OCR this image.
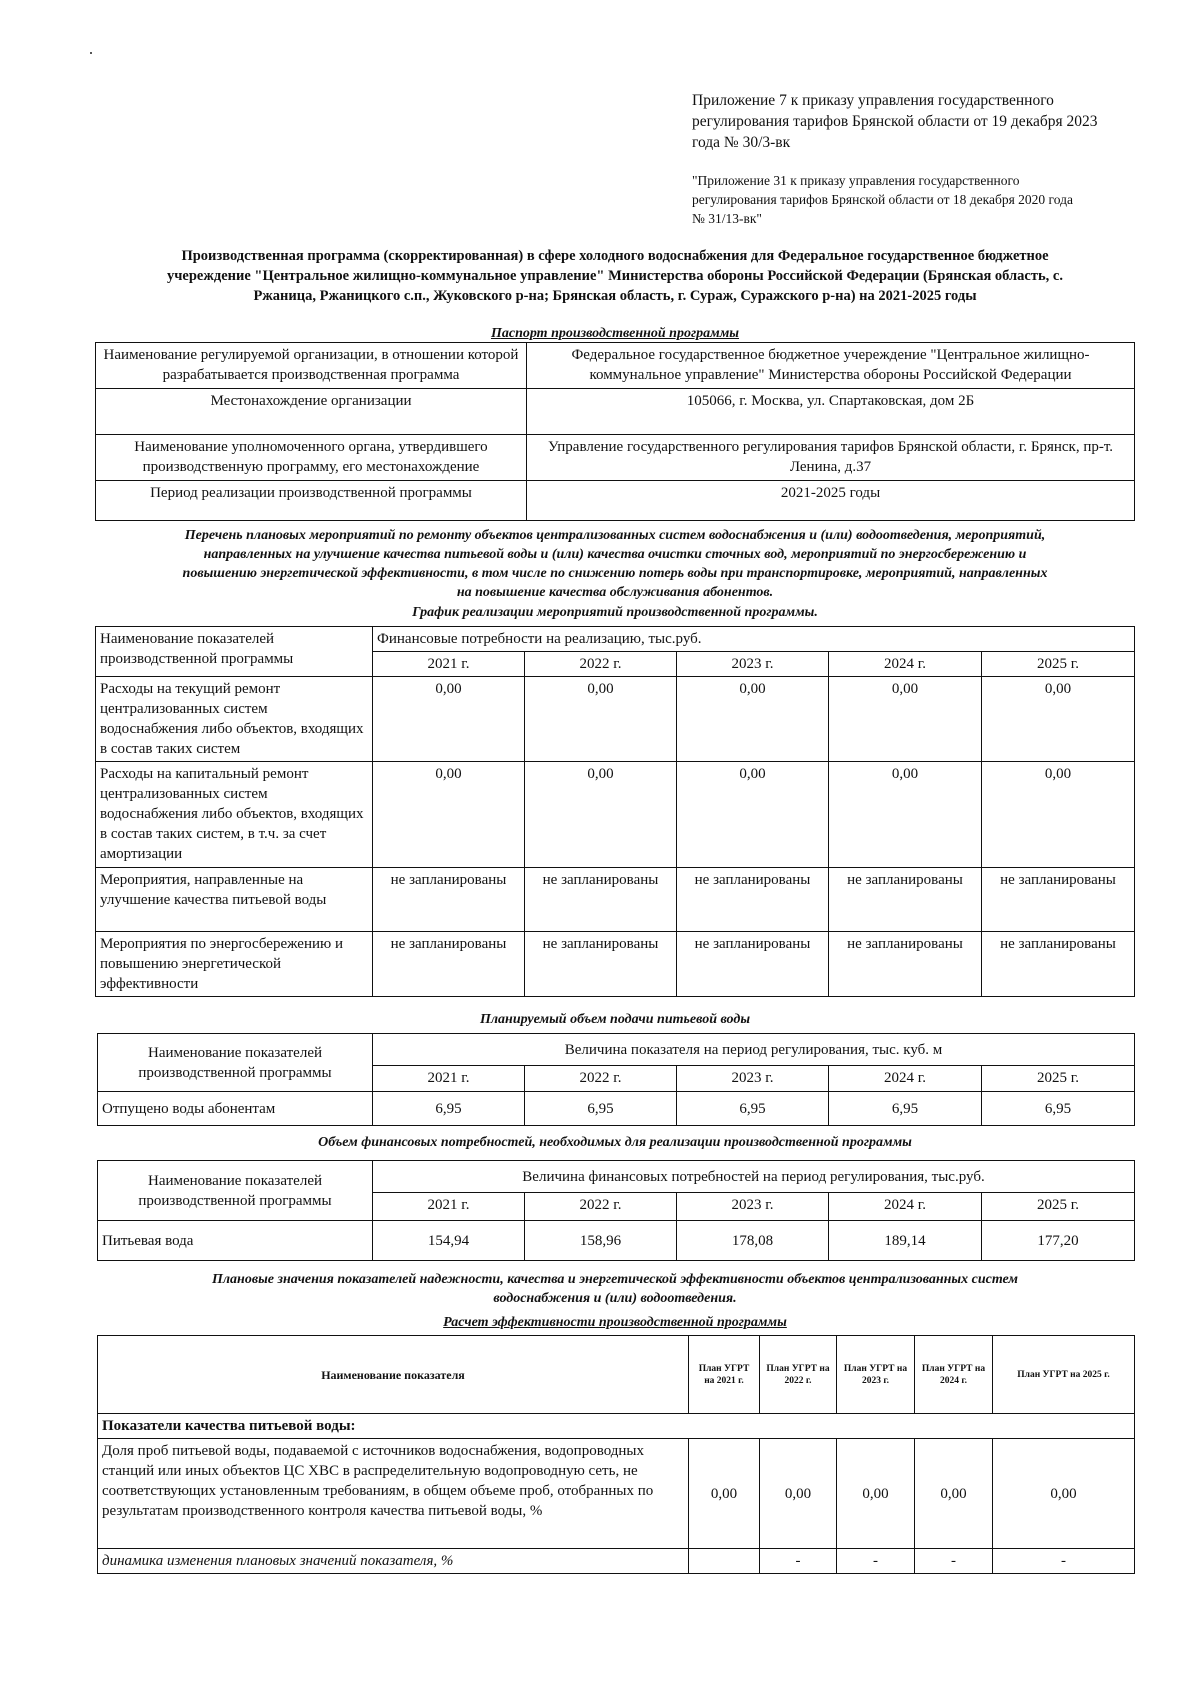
Приложение 7 к приказу управления государственного
регулирования тарифов Брянской области от 19 декабря 2023
года № 30/3-вк
"Приложение 31 к приказу управления государственного
регулирования тарифов Брянской области от 18 декабря 2020 года
№ 31/13-вк"
Производственная программа (скорректированная) в сфере холодного водоснабжения для Федеральное государственное бюджетное
учереждение "Центральное жилищно-коммунальное управление" Министерства обороны Российской Федерации (Брянская область, с.
Ржаница, Ржаницкого с.п., Жуковского р-на; Брянская область, г. Сураж, Суражского р-на) на 2021-2025 годы
Паспорт производственной программы
Наименование регулируемой организации, в отношении которой разрабатывается производственная программа	Федеральное государственное бюджетное учереждение "Центральное жилищно-коммунальное управление" Министерства обороны Российской Федерации
Местонахождение организации	105066, г. Москва, ул. Спартаковская, дом 2Б
Наименование уполномоченного органа, утвердившего производственную программу, его местонахождение	Управление государственного регулирования тарифов Брянской области, г. Брянск, пр-т. Ленина, д.37
Период реализации производственной программы	2021-2025 годы
Перечень плановых мероприятий по ремонту объектов централизованных систем водоснабжения и (или) водоотведения, мероприятий,
направленных на улучшение качества питьевой воды и (или) качества очистки сточных вод, мероприятий по энергосбережению и
повышению энергетической эффективности, в том числе по снижению потерь воды при транспортировке, мероприятий, направленных
на повышение качества обслуживания абонентов.
График реализации мероприятий производственной программы.
Наименование показателей производственной программы	Финансовые потребности на реализацию, тыс.руб.				
	2021 г.	2022 г.	2023 г.	2024 г.	2025 г.
Расходы на текущий ремонт централизованных систем водоснабжения либо объектов, входящих в состав таких систем	0,00	0,00	0,00	0,00	0,00
Расходы на капитальный ремонт централизованных систем водоснабжения либо объектов, входящих в состав таких систем, в т.ч. за счет амортизации	0,00	0,00	0,00	0,00	0,00
Мероприятия, направленные на улучшение качества питьевой воды	не запланированы	не запланированы	не запланированы	не запланированы	не запланированы
Мероприятия по энергосбережению и повышению энергетической эффективности	не запланированы	не запланированы	не запланированы	не запланированы	не запланированы
Планируемый объем подачи питьевой воды
Наименование показателей производственной программы	Величина показателя на период регулирования, тыс. куб. м				
	2021 г.	2022 г.	2023 г.	2024 г.	2025 г.
Отпущено воды абонентам	6,95	6,95	6,95	6,95	6,95
Объем финансовых потребностей, необходимых для реализации производственной программы
Наименование показателей производственной программы	Величина финансовых потребностей на период регулирования, тыс.руб.				
	2021 г.	2022 г.	2023 г.	2024 г.	2025 г.
Питьевая вода	154,94	158,96	178,08	189,14	177,20
Плановые значения показателей надежности, качества и энергетической эффективности объектов централизованных систем
водоснабжения и (или) водоотведения.
Расчет эффективности производственной программы
Наименование показателя	План УГРТ на 2021 г.	План УГРТ на 2022 г.	План УГРТ на 2023 г.	План УГРТ на 2024 г.	План УГРТ на 2025 г.
Показатели качества питьевой воды:					
Доля проб питьевой воды, подаваемой с источников водоснабжения, водопроводных станций или иных объектов ЦС ХВС в распределительную водопроводную сеть, не соответствующих установленным требованиям, в общем объеме проб, отобранных по результатам производственного контроля качества питьевой воды, %	0,00	0,00	0,00	0,00	0,00
динамика изменения плановых значений показателя, %		-	-	-	-
